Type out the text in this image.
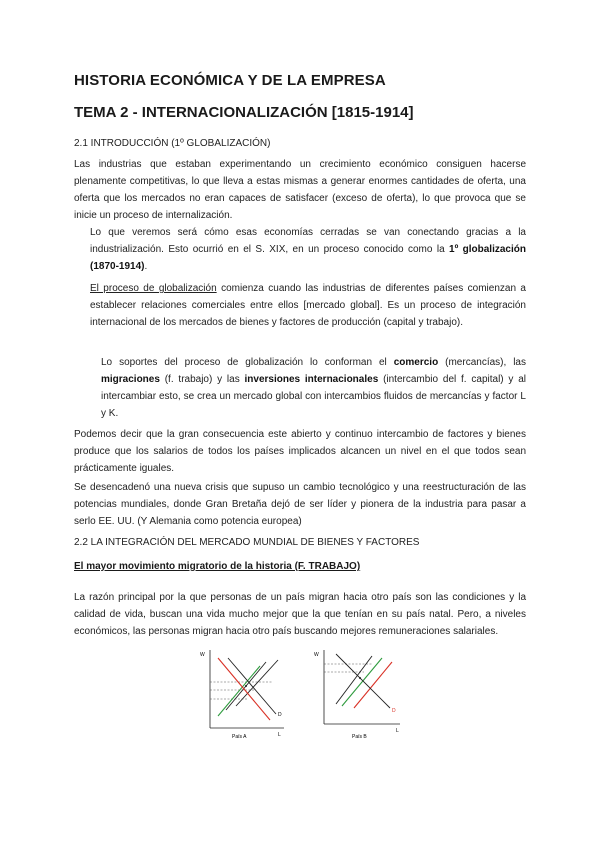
HISTORIA ECONÓMICA Y DE LA EMPRESA
TEMA 2 - INTERNACIONALIZACIÓN [1815-1914]
2.1 INTRODUCCIÓN (1º GLOBALIZACIÓN)
Las industrias que estaban experimentando un crecimiento económico consiguen hacerse plenamente competitivas, lo que lleva a estas mismas a generar enormes cantidades de oferta, una oferta que los mercados no eran capaces de satisfacer (exceso de oferta), lo que provoca que se inicie un proceso de internalización.
Lo que veremos será cómo esas economías cerradas se van conectando gracias a la industrialización. Esto ocurrió en el S. XIX, en un proceso conocido como la 1º globalización (1870-1914).
El proceso de globalización comienza cuando las industrias de diferentes países comienzan a establecer relaciones comerciales entre ellos [mercado global]. Es un proceso de integración internacional de los mercados de bienes y factores de producción (capital y trabajo).
Lo soportes del proceso de globalización lo conforman el comercio (mercancías), las migraciones (f. trabajo) y las inversiones internacionales (intercambio del f. capital) y al intercambiar esto, se crea un mercado global con intercambios fluidos de mercancías y factor L y K.
Podemos decir que la gran consecuencia este abierto y continuo intercambio de factores y bienes produce que los salarios de todos los países implicados alcancen un nivel en el que todos sean prácticamente iguales.
Se desencadenó una nueva crisis que supuso un cambio tecnológico y una reestructuración de las potencias mundiales, donde Gran Bretaña dejó de ser líder y pionera de la industria para pasar a serlo EE. UU. (Y Alemania como potencia europea)
2.2 LA INTEGRACIÓN DEL MERCADO MUNDIAL DE BIENES Y FACTORES
El mayor movimiento migratorio de la historia (F. TRABAJO)
La razón principal por la que personas de un país migran hacia otro país son las condiciones y la calidad de vida, buscan una vida mucho mejor que la que tenían en su país natal. Pero, a niveles económicos, las personas migran hacia otro país buscando mejores remuneraciones salariales.
W
L
D
País A
W
L
D
País B
